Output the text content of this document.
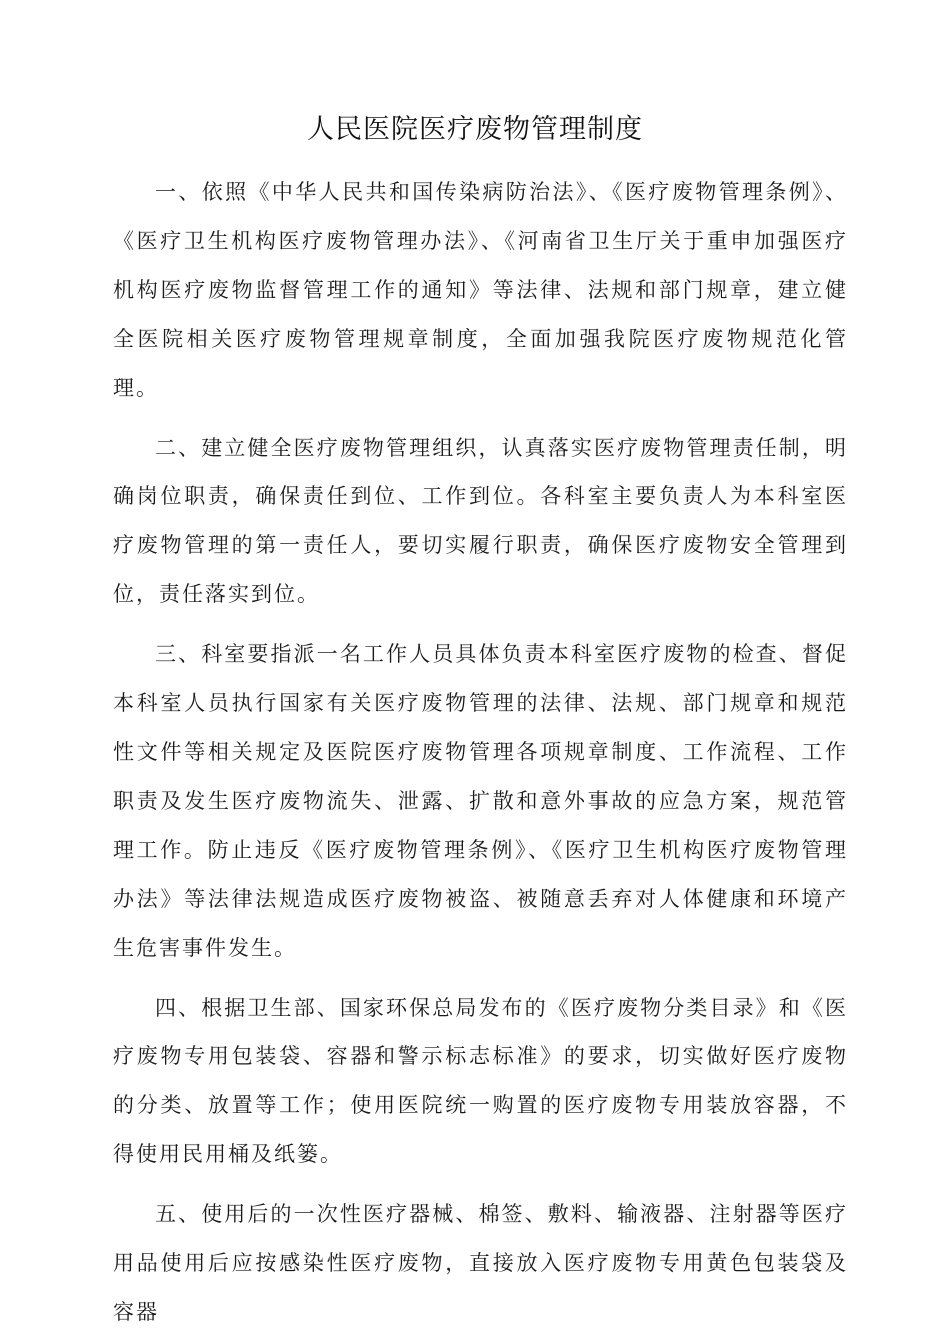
人民医院医疗废物管理制度

一、依照《中华人民共和国传染病防治法》、《医疗废物管理条例》、《医疗卫生机构医疗废物管理办法》、《河南省卫生厅关于重申加强医疗机构医疗废物监督管理工作的通知》等法律、法规和部门规章，建立健全医院相关医疗废物管理规章制度，全面加强我院医疗废物规范化管理。

二、建立健全医疗废物管理组织，认真落实医疗废物管理责任制，明确岗位职责，确保责任到位、工作到位。各科室主要负责人为本科室医疗废物管理的第一责任人，要切实履行职责，确保医疗废物安全管理到位，责任落实到位。

三、科室要指派一名工作人员具体负责本科室医疗废物的检查、督促本科室人员执行国家有关医疗废物管理的法律、法规、部门规章和规范性文件等相关规定及医院医疗废物管理各项规章制度、工作流程、工作职责及发生医疗废物流失、泄露、扩散和意外事故的应急方案，规范管理工作。防止违反《医疗废物管理条例》、《医疗卫生机构医疗废物管理办法》等法律法规造成医疗废物被盗、被随意丢弃对人体健康和环境产生危害事件发生。

四、根据卫生部、国家环保总局发布的《医疗废物分类目录》和《医疗废物专用包装袋、容器和警示标志标准》的要求，切实做好医疗废物的分类、放置等工作；使用医院统一购置的医疗废物专用装放容器，不得使用民用桶及纸篓。

五、使用后的一次性医疗器械、棉签、敷料、输液器、注射器等医疗用品使用后应按感染性医疗废物，直接放入医疗废物专用黄色包装袋及容器
